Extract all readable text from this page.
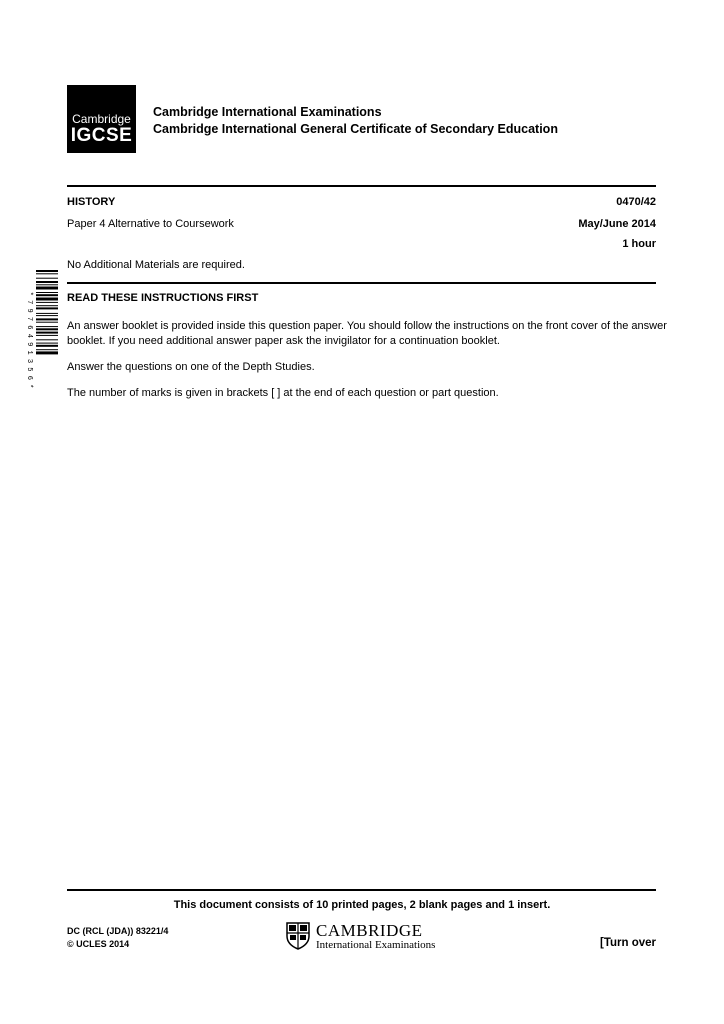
Cambridge
IGCSE
Cambridge International Examinations
Cambridge International General Certificate of Secondary Education
HISTORY	0470/42
Paper 4 Alternative to Coursework	May/June 2014
1 hour
No Additional Materials are required.
* 7 9 7 6 4 9 1 3 5 6 *	READ THESE INSTRUCTIONS FIRST
An answer booklet is provided inside this question paper. You should follow the instructions on the front cover of the answer booklet. If you need additional answer paper ask the invigilator for a continuation booklet.
Answer the questions on one of the Depth Studies.
The number of marks is given in brackets [ ] at the end of each question or part question.
This document consists of 10 printed pages, 2 blank pages and 1 insert.
DC (RCL (JDA)) 83221/4
© UCLES 2014	[Turn over
CAMBRIDGE
International Examinations
